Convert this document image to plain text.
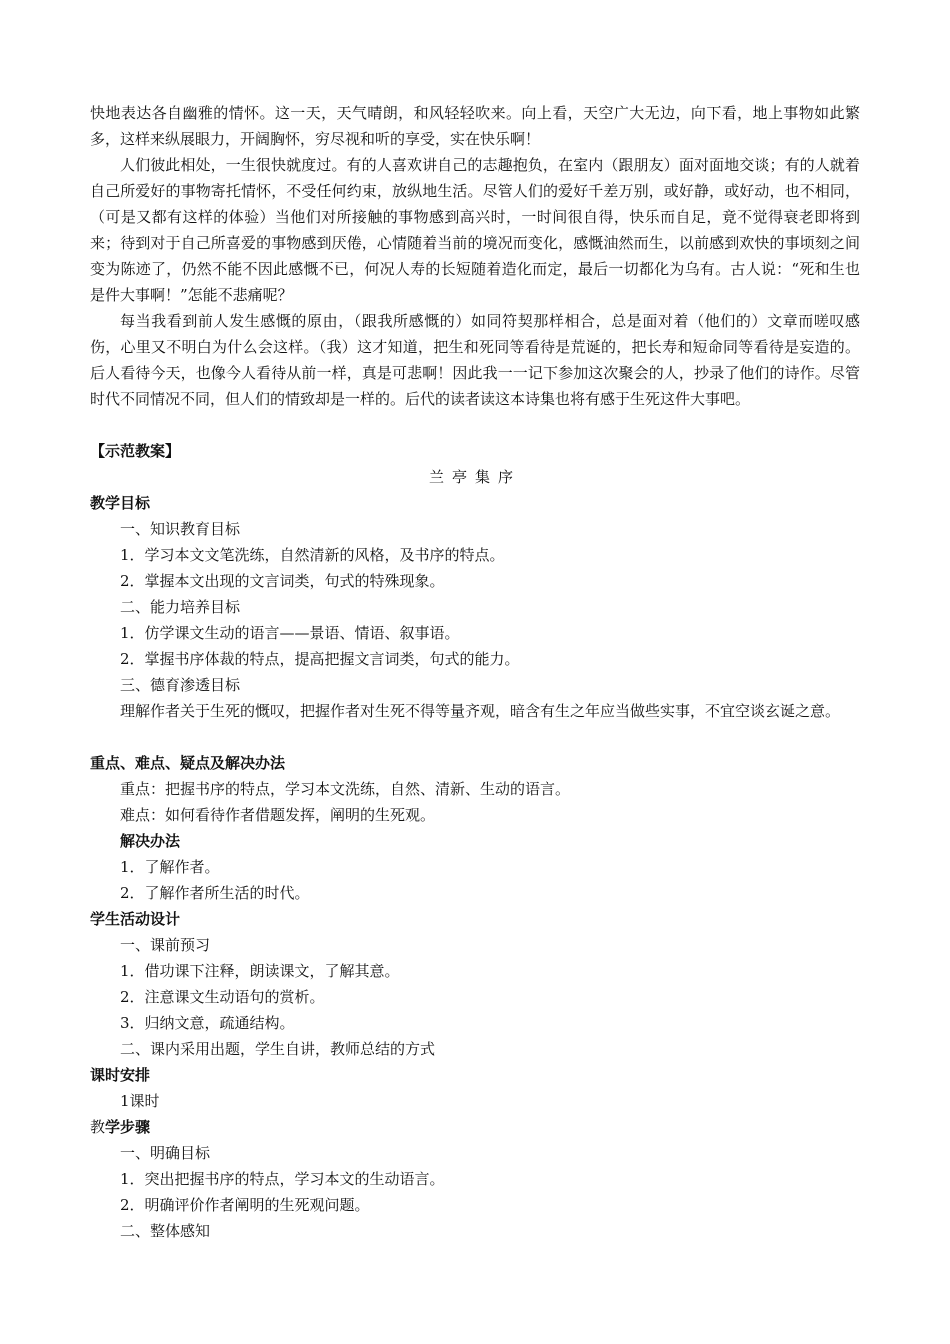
快地表达各自幽雅的情怀。这一天，天气晴朗，和风轻轻吹来。向上看，天空广大无边，向下看，地上事物如此繁多，这样来纵展眼力，开阔胸怀，穷尽视和听的享受，实在快乐啊！

人们彼此相处，一生很快就度过。有的人喜欢讲自己的志趣抱负，在室内（跟朋友）面对面地交谈；有的人就着自己所爱好的事物寄托情怀，不受任何约束，放纵地生活。尽管人们的爱好千差万别，或好静，或好动，也不相同，（可是又都有这样的体验）当他们对所接触的事物感到高兴时，一时间很自得，快乐而自足，竟不觉得衰老即将到来；待到对于自己所喜爱的事物感到厌倦，心情随着当前的境况而变化，感慨油然而生，以前感到欢快的事顷刻之间变为陈迹了，仍然不能不因此感慨不已，何况人寿的长短随着造化而定，最后一切都化为乌有。古人说：“死和生也是件大事啊！”怎能不悲痛呢？

每当我看到前人发生感慨的原由，（跟我所感慨的）如同符契那样相合，总是面对着（他们的）文章而嗟叹感伤，心里又不明白为什么会这样。（我）这才知道，把生和死同等看待是荒诞的，把长寿和短命同等看待是妄造的。后人看待今天，也像今人看待从前一样，真是可悲啊！因此我一一记下参加这次聚会的人，抄录了他们的诗作。尽管时代不同情况不同，但人们的情致却是一样的。后代的读者读这本诗集也将有感于生死这件大事吧。

【示范教案】
兰亭集序
教学目标
一、知识教育目标
1．学习本文文笔洗练，自然清新的风格，及书序的特点。
2．掌握本文出现的文言词类，句式的特殊现象。
二、能力培养目标
1．仿学课文生动的语言——景语、情语、叙事语。
2．掌握书序体裁的特点，提高把握文言词类，句式的能力。
三、德育渗透目标

理解作者关于生死的慨叹，把握作者对生死不得等量齐观，暗含有生之年应当做些实事，不宜空谈玄诞之意。

重点、难点、疑点及解决办法
重点：把握书序的特点，学习本文洗练，自然、清新、生动的语言。
难点：如何看待作者借题发挥，阐明的生死观。
解决办法
1．了解作者。
2．了解作者所生活的时代。
学生活动设计
一、课前预习
1．借功课下注释，朗读课文，了解其意。
2．注意课文生动语句的赏析。
3．归纳文意，疏通结构。
二、课内采用出题，学生自讲，教师总结的方式
课时安排
1课时
教学步骤
一、明确目标
1．突出把握书序的特点，学习本文的生动语言。
2．明确评价作者阐明的生死观问题。
二、整体感知
